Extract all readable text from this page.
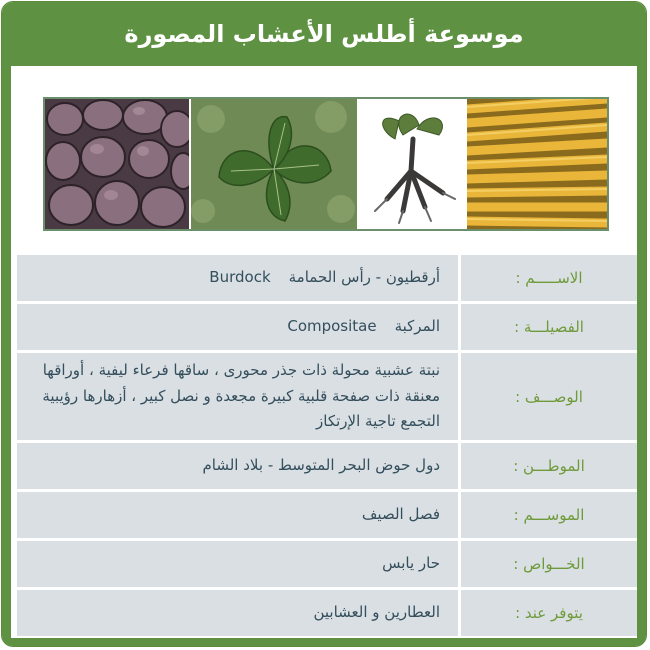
موسوعة أطلس الأعشاب المصورة
الاســـــم :	أرقطيون - رأس الحمامةBurdock
الفصيلـــة :	المركبةCompositae
الوصـــف :	نبتة عشبية محولة ذات جذر محورى ، ساقها فرعاء ليفية ، أوراقها معنقة ذات صفحة قلبية كبيرة مجعدة و نصل كبير ، أزهارها رؤيبية التجمع تاجية الإرتكاز
الموطـــن :	دول حوض البحر المتوسط - بلاد الشام
الموســـم :	فصل الصيف
الخـــواص :	حار يابس
يتوفر عند :	العطارين و العشابين
